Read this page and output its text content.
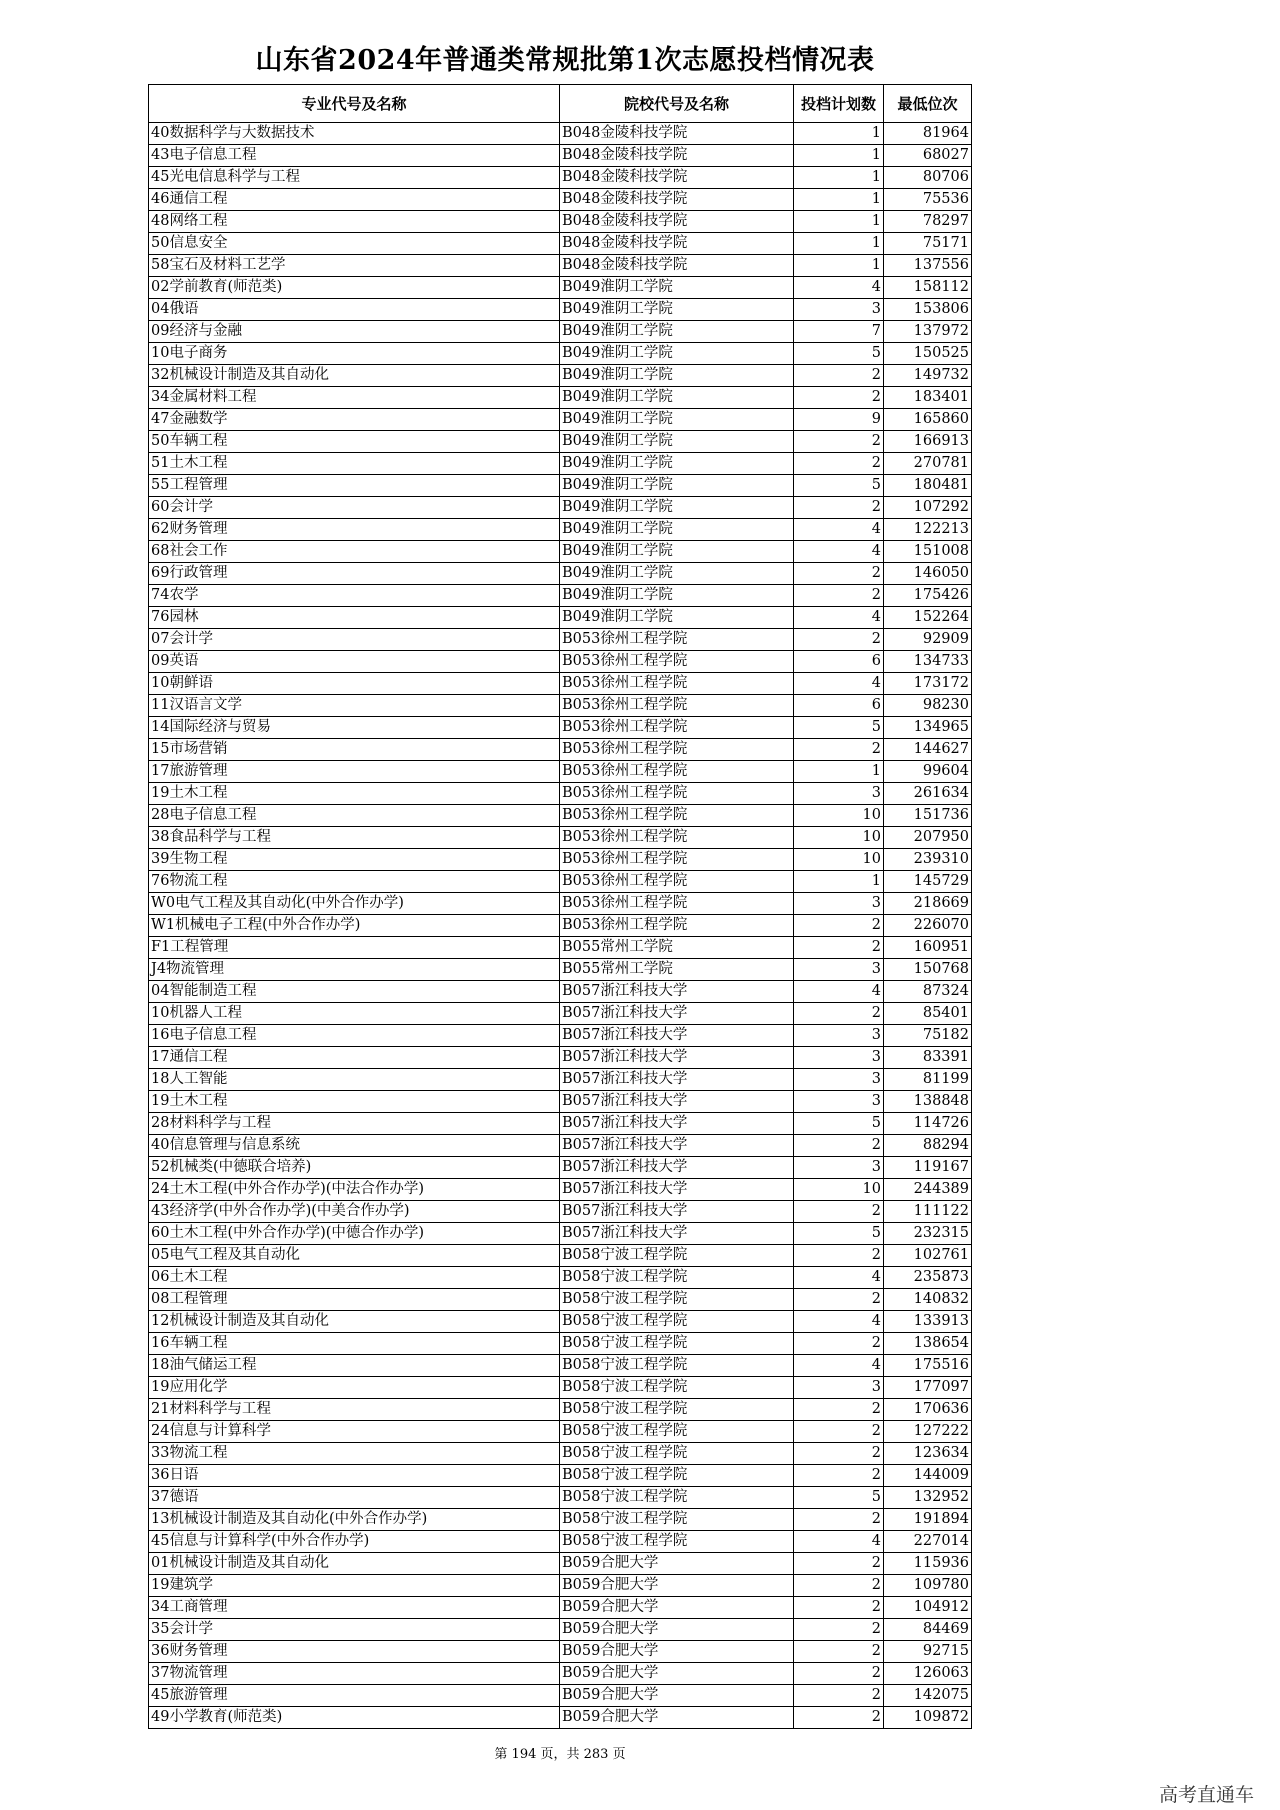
山东省2024年普通类常规批第1次志愿投档情况表
专业代号及名称	院校代号及名称	投档计划数	最低位次
40数据科学与大数据技术	B048金陵科技学院	1	81964
43电子信息工程	B048金陵科技学院	1	68027
45光电信息科学与工程	B048金陵科技学院	1	80706
46通信工程	B048金陵科技学院	1	75536
48网络工程	B048金陵科技学院	1	78297
50信息安全	B048金陵科技学院	1	75171
58宝石及材料工艺学	B048金陵科技学院	1	137556
02学前教育(师范类)	B049淮阴工学院	4	158112
04俄语	B049淮阴工学院	3	153806
09经济与金融	B049淮阴工学院	7	137972
10电子商务	B049淮阴工学院	5	150525
32机械设计制造及其自动化	B049淮阴工学院	2	149732
34金属材料工程	B049淮阴工学院	2	183401
47金融数学	B049淮阴工学院	9	165860
50车辆工程	B049淮阴工学院	2	166913
51土木工程	B049淮阴工学院	2	270781
55工程管理	B049淮阴工学院	5	180481
60会计学	B049淮阴工学院	2	107292
62财务管理	B049淮阴工学院	4	122213
68社会工作	B049淮阴工学院	4	151008
69行政管理	B049淮阴工学院	2	146050
74农学	B049淮阴工学院	2	175426
76园林	B049淮阴工学院	4	152264
07会计学	B053徐州工程学院	2	92909
09英语	B053徐州工程学院	6	134733
10朝鲜语	B053徐州工程学院	4	173172
11汉语言文学	B053徐州工程学院	6	98230
14国际经济与贸易	B053徐州工程学院	5	134965
15市场营销	B053徐州工程学院	2	144627
17旅游管理	B053徐州工程学院	1	99604
19土木工程	B053徐州工程学院	3	261634
28电子信息工程	B053徐州工程学院	10	151736
38食品科学与工程	B053徐州工程学院	10	207950
39生物工程	B053徐州工程学院	10	239310
76物流工程	B053徐州工程学院	1	145729
W0电气工程及其自动化(中外合作办学)	B053徐州工程学院	3	218669
W1机械电子工程(中外合作办学)	B053徐州工程学院	2	226070
F1工程管理	B055常州工学院	2	160951
J4物流管理	B055常州工学院	3	150768
04智能制造工程	B057浙江科技大学	4	87324
10机器人工程	B057浙江科技大学	2	85401
16电子信息工程	B057浙江科技大学	3	75182
17通信工程	B057浙江科技大学	3	83391
18人工智能	B057浙江科技大学	3	81199
19土木工程	B057浙江科技大学	3	138848
28材料科学与工程	B057浙江科技大学	5	114726
40信息管理与信息系统	B057浙江科技大学	2	88294
52机械类(中德联合培养)	B057浙江科技大学	3	119167
24土木工程(中外合作办学)(中法合作办学)	B057浙江科技大学	10	244389
43经济学(中外合作办学)(中美合作办学)	B057浙江科技大学	2	111122
60土木工程(中外合作办学)(中德合作办学)	B057浙江科技大学	5	232315
05电气工程及其自动化	B058宁波工程学院	2	102761
06土木工程	B058宁波工程学院	4	235873
08工程管理	B058宁波工程学院	2	140832
12机械设计制造及其自动化	B058宁波工程学院	4	133913
16车辆工程	B058宁波工程学院	2	138654
18油气储运工程	B058宁波工程学院	4	175516
19应用化学	B058宁波工程学院	3	177097
21材料科学与工程	B058宁波工程学院	2	170636
24信息与计算科学	B058宁波工程学院	2	127222
33物流工程	B058宁波工程学院	2	123634
36日语	B058宁波工程学院	2	144009
37德语	B058宁波工程学院	5	132952
13机械设计制造及其自动化(中外合作办学)	B058宁波工程学院	2	191894
45信息与计算科学(中外合作办学)	B058宁波工程学院	4	227014
01机械设计制造及其自动化	B059合肥大学	2	115936
19建筑学	B059合肥大学	2	109780
34工商管理	B059合肥大学	2	104912
35会计学	B059合肥大学	2	84469
36财务管理	B059合肥大学	2	92715
37物流管理	B059合肥大学	2	126063
45旅游管理	B059合肥大学	2	142075
49小学教育(师范类)	B059合肥大学	2	109872
第 194 页，共 283 页
高考直通车
